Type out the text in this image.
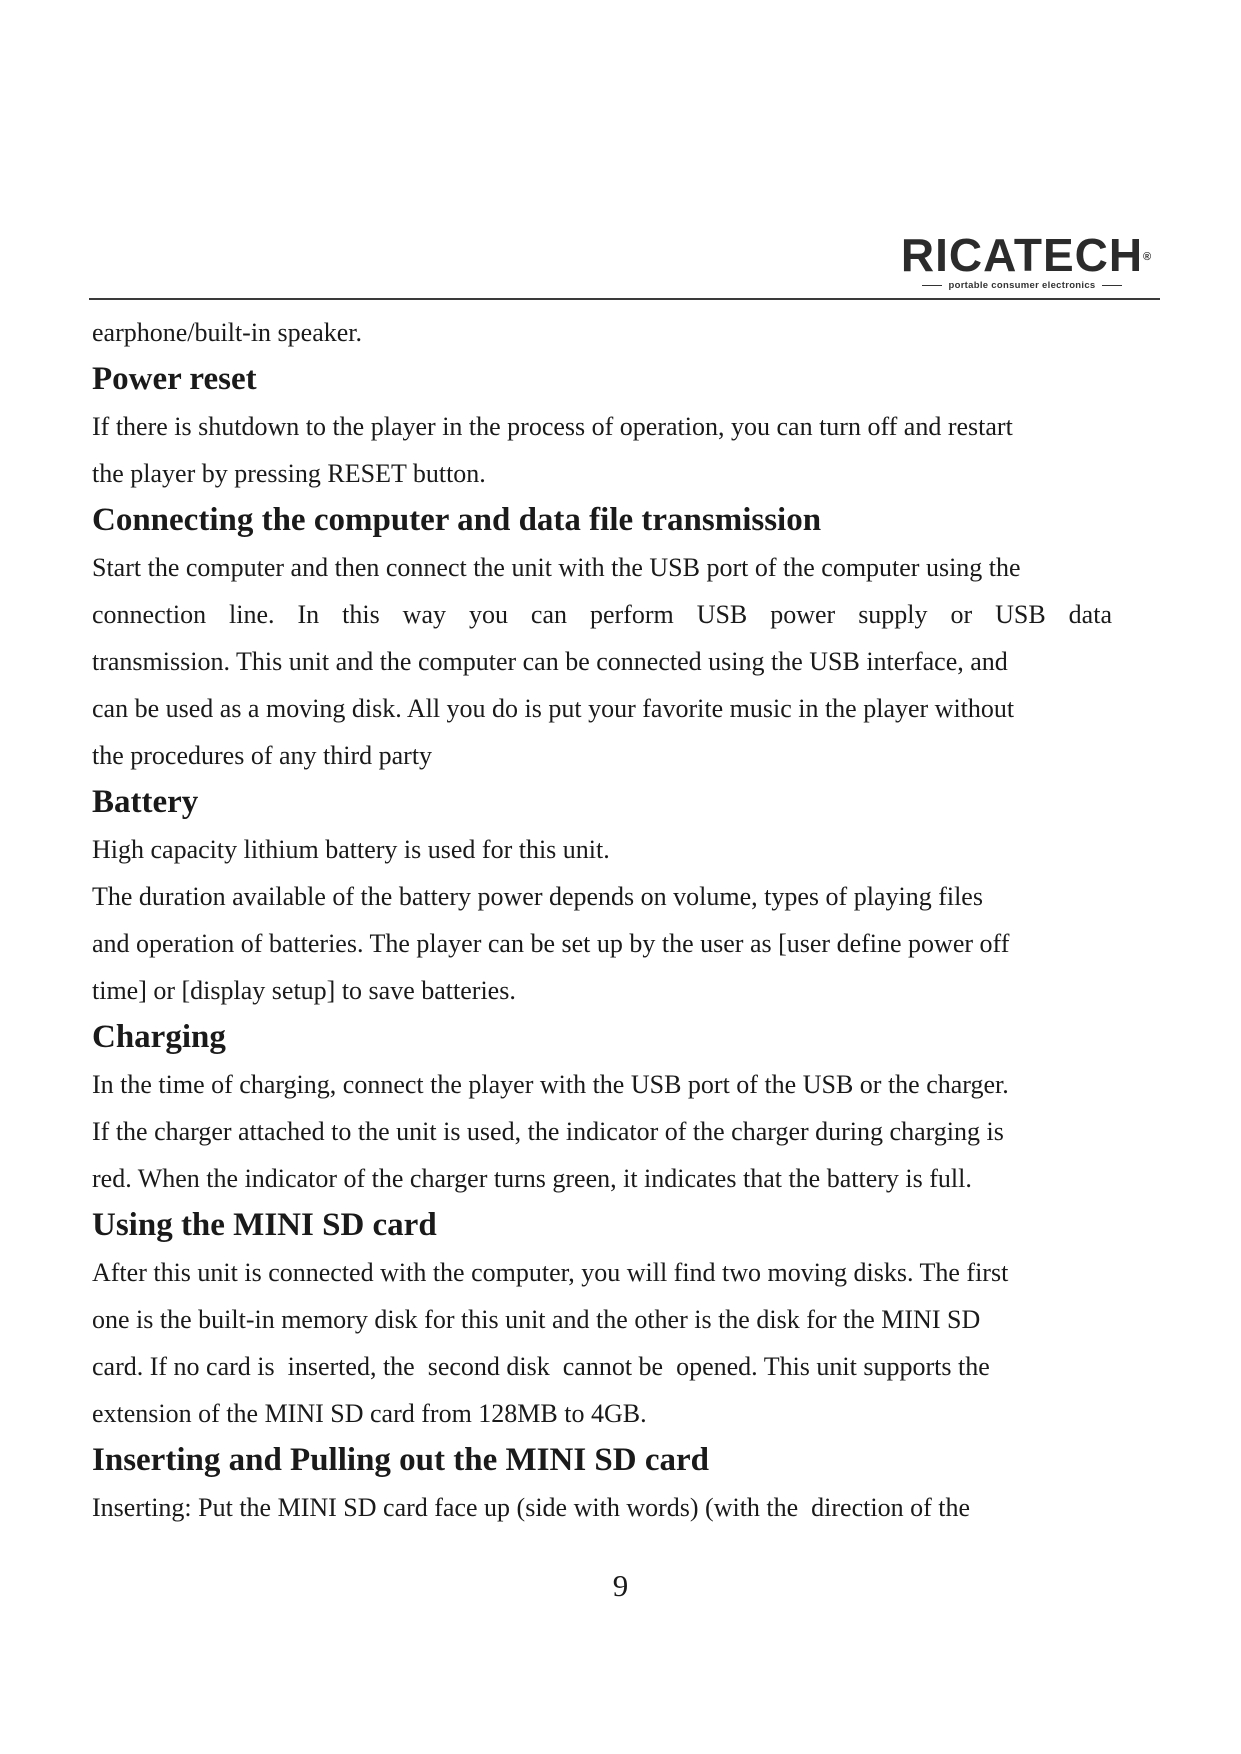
RICATECH ®
portable consumer electronics

earphone/built-in speaker.

Power reset

If there is shutdown to the player in the process of operation, you can turn off and restart

the player by pressing RESET button.

Connecting the computer and data file transmission

Start the computer and then connect the unit with the USB port of the computer using the

connection line. In this way you can perform USB power supply or USB data

transmission. This unit and the computer can be connected using the USB interface, and

can be used as a moving disk. All you do is put your favorite music in the player without

the procedures of any third party

Battery

High capacity lithium battery is used for this unit.

The duration available of the battery power depends on volume, types of playing files

and operation of batteries. The player can be set up by the user as [user define power off

time] or [display setup] to save batteries.

Charging

In the time of charging, connect the player with the USB port of the USB or the charger.

If the charger attached to the unit is used, the indicator of the charger during charging is

red. When the indicator of the charger turns green, it indicates that the battery is full.

Using the MINI SD card

After this unit is connected with the computer, you will find two moving disks. The first

one is the built-in memory disk for this unit and the other is the disk for the MINI SD

card. If no card is  inserted, the  second disk  cannot be  opened. This unit supports the

extension of the MINI SD card from 128MB to 4GB.

Inserting and Pulling out the MINI SD card

Inserting: Put the MINI SD card face up (side with words) (with the  direction of the

9
